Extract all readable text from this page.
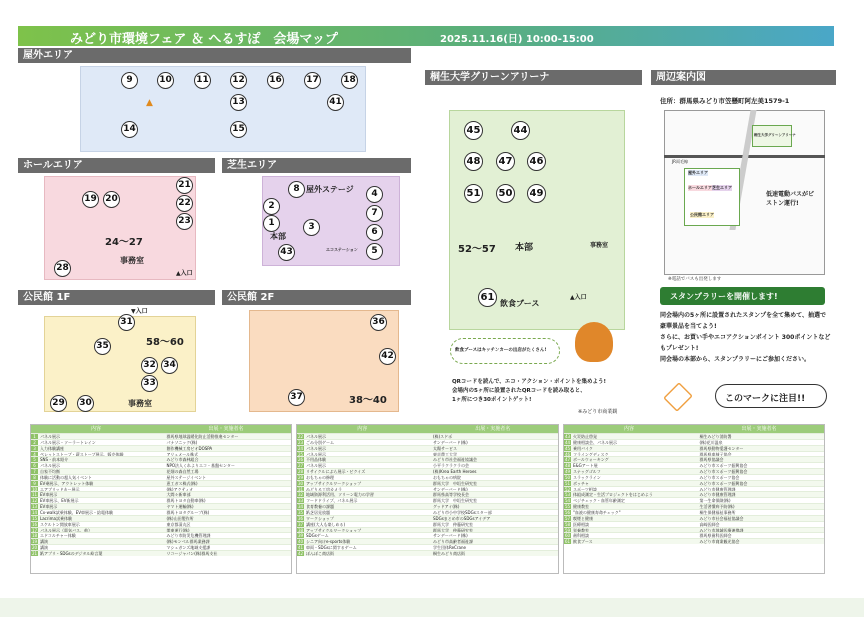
みどり市環境フェア ＆ へるすぽ　会場マップ	2025.11.16(日) 10:00-15:00
屋外エリア
9	10	11	12	16	17	18
13	41
14	15
▲
ホールエリア
19 20
21
22
23
24～27
28
事務室
▲入口
芝生エリア
8 屋外ステージ	4
2
7
1	3	6
本部
43	5
エコステーション
公民館 1F
▼入口
31
35	58～60
32 34
33
29 30	事務室
公民館 2F
36
42
37	38～40
桐生大学グリーンアリーナ
45	44
48 47 46
51 50 49
52～57 本部	事務室
61
飲食ブース
▲入口
飲食ブースはキッチンカーの出店がたくさん!
QRコードを読んで、エコ・アクション・ポイントを集めよう!
会場内の5ヶ所に設置されたQRコードを読み取ると、
1ヶ所につき30ポイントゲット!
※みどり市商業観
周辺案内図
住所：群馬県みどり市笠懸町阿左美1579-1
桐生大学グリーンアリーナ
JR両毛線
ホールエリア 芝生エリア
屋外エリア
公民館エリア
低速電動バスがピストン運行!
※電話でバスも出発します
スタンプラリーを開催します!
同会場内の5ヶ所に設置されたスタンプを全て集めて、抽選で豪華景品を当てよう!
さらに、お買い手やエコアクションポイント 300ポイントなどもプレゼント!
同会場の本部から、スタンプラリーにご参加ください。
このマークに注目!!
内容	出展・実施者名
1	パネル展示	群馬県地球温暖化防止活動推進センター
2	パネル展示・ソーラートレイン	パナソニック(株)
3	入力体験講座	創作機械工房ビオDOSPA
4	ペレットストーブ・薪ストーブ展示、販売体験	アリュメール株式
5	SNS・前本紹介	みどり市森林組合
6	パネル展示	NPO法人くれよりエコ・基盤センター
7	自家不均衡	花畑の森自然工場
8	体験に活動の超人気イベント	屋外ステージイベント
9	EV乗展示、アウトレット体験	恵工ガス株式(株)
10 エアブリッドカー展示	(株)アクティオ
11 EV車展示	大間々新車部
12 EV車展示、EV新展示	群馬トヨタ自動車(株)
13 EV車展示	ヤマト運輸(株)
14 Cx-walk試乗体験、EV車展示・給電体験	群馬トヨタグループ(株)
15 Lacrima試乗体験	(株)山田製作所
16 スケルトン開放車展示	東京都清丸区
17 パネル展示（電気バス、他）	関東運行(株)
18 エドコルチャー体験	みどり市防災危機管理課
19 講演	(株)モンベル群馬業務課
20 講演	マシュガンズ地域支援課
21 紙アプリ・SDGsのデジタル絵言葉	リコージャパン(株)群馬支社
内容	出展・実施者名
22 パネル展示	(株)スドポ
23 ごみ分別ゲーム	サンデーバード(株)
24 パネル展示	太陽サービス
25 パネル展示	東京農工大学
26 不用品体験	みどり市社会福祉協議会
27 パネル展示	小平ラクラクラの会
28 リサイクルにぶら展示・ビクイズ	(株)Krea Earth Heroes
29 おもちゃの修理	おもちゃの病院
30 アップサイクルワークショップ	群馬大学　中垣生研究室
31 みどりる工房カメラ	サンデーバード(株)
32 地域資源利活用、ソリーン電力の学習	群馬県高等学校長会
33 フードドライブ、パネル展示	群馬大学　中垣生研究室
34 食育教養の課題	グッドアイ(株)
35 紙芝居見放題	みどり市小中学校SDGsスター部
36 ワークショップ	SDGsまとめ市のSDGsアイデア
37 講座(大人も楽しめる)	群馬大学　仲藤研究室
38 アップサイクルワークショップ	群馬大学　仲藤研究室
39 SDGsゲーム	サンデーバード(株)
40 シニア向けe-sports体験	みどり市高齢者福祉課
41 車両・SDGsに関するゲーム	学生団体ReCrane
42 ぽんぽこ商店街	桐生みどり商店街
内容	出展・実施者名
43 火災防止啓発	桐生みどり消防署
44 健康相談会、パネル展示	(株)花川温泉
45 乗用バイク	群馬県動物愛護センター
46 フライングディスク	群馬県車椅子協会
47 ボールウォーキング	群馬県協議会
48 E&Gアート展	みどり市スポーツ振興協会
49 スナッグゴルフ	みどり市スポーツ振興協会
50 スラックライン	みどり市スポーツ協会
51 ボッチャ	みどり市スポーツ振興協会
52 スポーツ相談	みどり市健康管理課
53 体組成測定・生活プロジェクトをはじめよう	みどり市健康管理課
54 ベジチェック・血管年齢測定	第一生命保険(株)
55 健康教室	生活習慣病予防(株)
56 "血液の健康寿命チェック"	桐生保健福祉事務所
57 喫煙と健康	みどり市社会福祉協議会
58 医療相談	高崎医師会
59 栄養教室	みどり市地域医療連携課
60 歯科相談	群馬県歯科医師会
61 飲食ブース	みどり市商業観光協会
